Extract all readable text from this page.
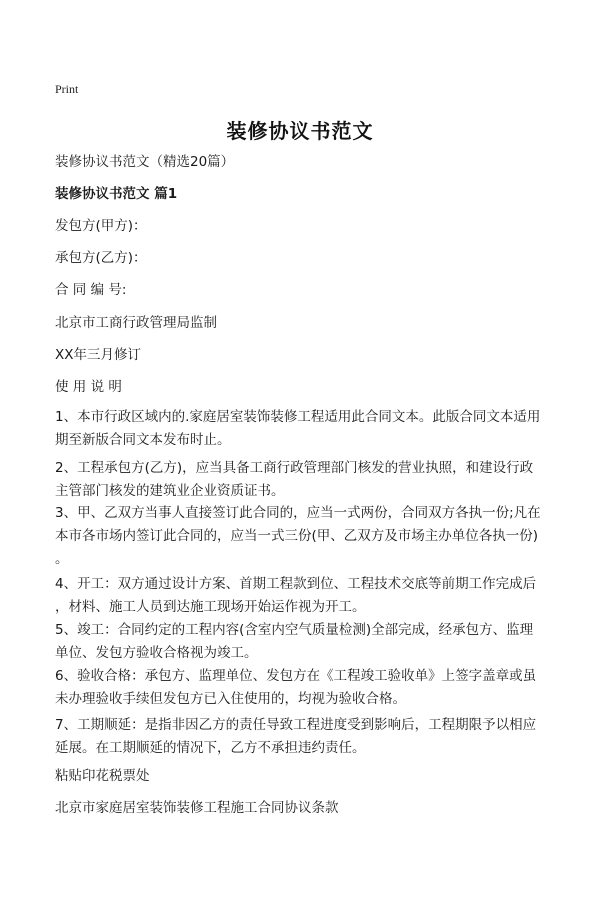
Print
装修协议书范文
装修协议书范文（精选20篇）
装修协议书范文 篇1
发包方(甲方)：
承包方(乙方)：
合 同 编 号:
北京市工商行政管理局监制
XX年三月修订
使 用 说 明
1、本市行政区域内的.家庭居室装饰装修工程适用此合同文本。此版合同文本适用
期至新版合同文本发布时止。
2、工程承包方(乙方)，应当具备工商行政管理部门核发的营业执照，和建设行政
主管部门核发的建筑业企业资质证书。
3、甲、乙双方当事人直接签订此合同的，应当一式两份，合同双方各执一份;凡在
本市各市场内签订此合同的，应当一式三份(甲、乙双方及市场主办单位各执一份)
。
4、开工：双方通过设计方案、首期工程款到位、工程技术交底等前期工作完成后
，材料、施工人员到达施工现场开始运作视为开工。
5、竣工：合同约定的工程内容(含室内空气质量检测)全部完成，经承包方、监理
单位、发包方验收合格视为竣工。
6、验收合格：承包方、监理单位、发包方在《工程竣工验收单》上签字盖章或虽
未办理验收手续但发包方已入住使用的，均视为验收合格。
7、工期顺延：是指非因乙方的责任导致工程进度受到影响后，工程期限予以相应
延展。在工期顺延的情况下，乙方不承担违约责任。
粘贴印花税票处
北京市家庭居室装饰装修工程施工合同协议条款
